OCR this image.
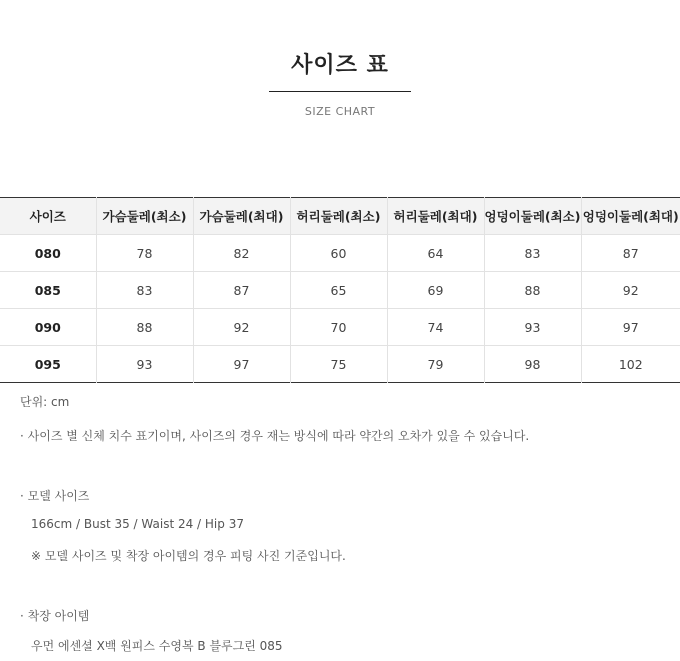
사이즈 표
SIZE CHART
사이즈	가슴둘레(최소)	가슴둘레(최대)	허리둘레(최소)	허리둘레(최대)	엉덩이둘레(최소)	엉덩이둘레(최대)
080	78	82	60	64	83	87
085	83	87	65	69	88	92
090	88	92	70	74	93	97
095	93	97	75	79	98	102
단위: cm
· 사이즈 별 신체 치수 표기이며, 사이즈의 경우 재는 방식에 따라 약간의 오차가 있을 수 있습니다.
· 모델 사이즈
166cm / Bust 35 / Waist 24 / Hip 37
※ 모델 사이즈 및 착장 아이템의 경우 피팅 사진 기준입니다.
· 착장 아이템
우먼 에센셜 X백 원피스 수영복 B 블루그린 085
